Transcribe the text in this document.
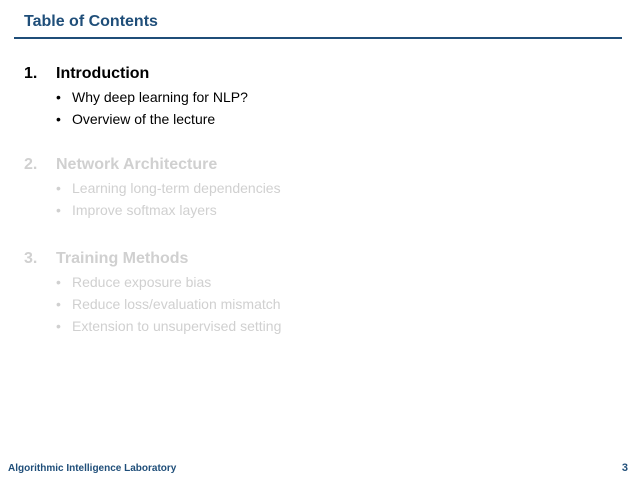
Table of Contents
1.	Introduction
• Why deep learning for NLP?
• Overview of the lecture
2.	Network Architecture
• Learning long-term dependencies
• Improve softmax layers
3.	Training Methods
• Reduce exposure bias
• Reduce loss/evaluation mismatch
• Extension to unsupervised setting
Algorithmic Intelligence Laboratory	3
